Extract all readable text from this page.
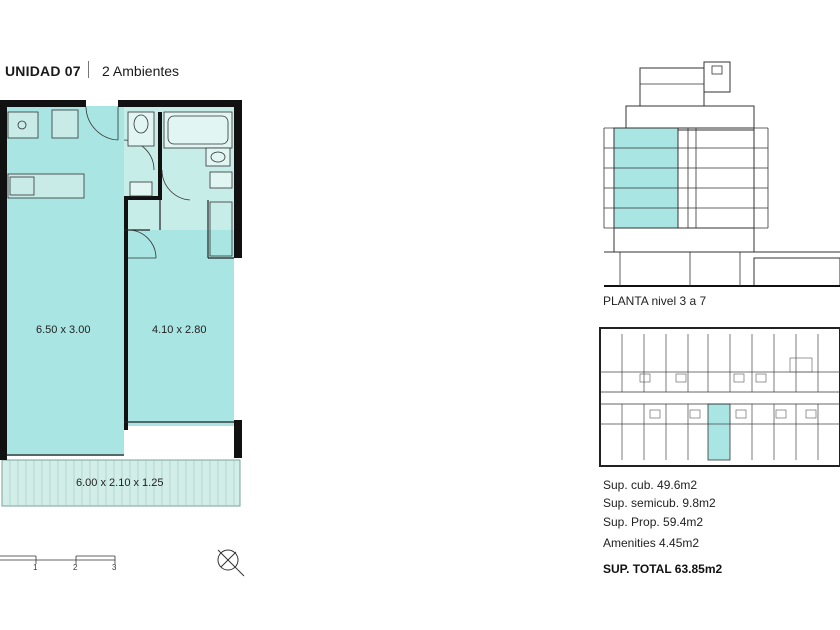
UNIDAD 07 2 Ambientes
6.50 x 3.00	4.10 x 2.80
6.00 x 2.10 x 1.25
1	2	3
PLANTA nivel 3 a 7
Sup. cub. 49.6m2
Sup. semicub. 9.8m2
Sup. Prop. 59.4m2
Amenities 4.45m2
SUP. TOTAL 63.85m2
